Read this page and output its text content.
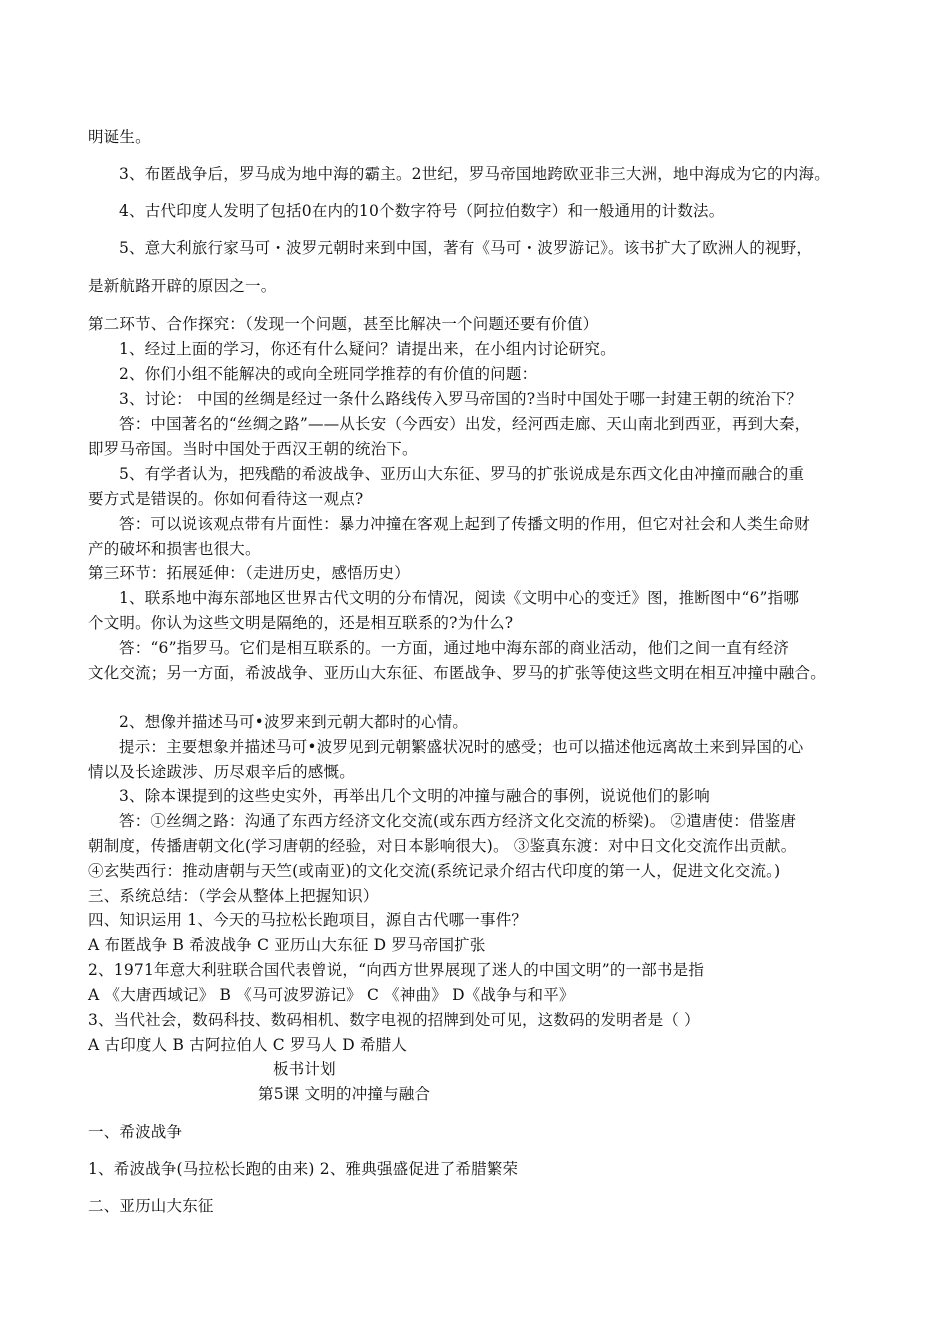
明诞生。
3、布匿战争后，罗马成为地中海的霸主。2世纪，罗马帝国地跨欧亚非三大洲，地中海成为它的内海。
4、古代印度人发明了包括0在内的10个数字符号（阿拉伯数字）和一般通用的计数法。
5、意大利旅行家马可・波罗元朝时来到中国，著有《马可・波罗游记》。该书扩大了欧洲人的视野，
是新航路开辟的原因之一。
第二环节、合作探究：（发现一个问题，甚至比解决一个问题还要有价值）
1、经过上面的学习，你还有什么疑问？请提出来，在小组内讨论研究。
2、你们小组不能解决的或向全班同学推荐的有价值的问题：
3、讨论： 中国的丝绸是经过一条什么路线传入罗马帝国的?当时中国处于哪一封建王朝的统治下？
答：中国著名的“丝绸之路”——从长安（今西安）出发，经河西走廊、天山南北到西亚，再到大秦，
即罗马帝国。当时中国处于西汉王朝的统治下。
5、有学者认为，把残酷的希波战争、亚历山大东征、罗马的扩张说成是东西文化由冲撞而融合的重
要方式是错误的。你如何看待这一观点?
答：可以说该观点带有片面性：暴力冲撞在客观上起到了传播文明的作用，但它对社会和人类生命财
产的破坏和损害也很大。
第三环节：拓展延伸：（走进历史，感悟历史）
1、联系地中海东部地区世界古代文明的分布情况，阅读《文明中心的变迁》图，推断图中“6”指哪
个文明。你认为这些文明是隔绝的，还是相互联系的?为什么?
答：“6”指罗马。它们是相互联系的。一方面，通过地中海东部的商业活动，他们之间一直有经济
文化交流；另一方面，希波战争、亚历山大东征、布匿战争、罗马的扩张等使这些文明在相互冲撞中融合。
2、想像并描述马可•波罗来到元朝大都时的心情。
提示：主要想象并描述马可•波罗见到元朝繁盛状况时的感受；也可以描述他远离故土来到异国的心
情以及长途跋涉、历尽艰辛后的感慨。
3、除本课提到的这些史实外，再举出几个文明的冲撞与融合的事例，说说他们的影响
答：①丝绸之路：沟通了东西方经济文化交流(或东西方经济文化交流的桥梁)。 ②遣唐使：借鉴唐
朝制度，传播唐朝文化(学习唐朝的经验，对日本影响很大)。 ③鉴真东渡：对中日文化交流作出贡献。
④玄奘西行：推动唐朝与天竺(或南亚)的文化交流(系统记录介绍古代印度的第一人，促进文化交流。)
三、系统总结：（学会从整体上把握知识）
四、知识运用 1、今天的马拉松长跑项目，源自古代哪一事件？
A 布匿战争 B 希波战争 C 亚历山大东征 D 罗马帝国扩张
2、1971年意大利驻联合国代表曾说，“向西方世界展现了迷人的中国文明”的一部书是指
A 《大唐西域记》 B 《马可波罗游记》 C 《神曲》 D《战争与和平》
3、当代社会，数码科技、数码相机、数字电视的招牌到处可见，这数码的发明者是（ ）
A 古印度人 B 古阿拉伯人 C 罗马人 D 希腊人
板书计划
第5课 文明的冲撞与融合
一、希波战争
1、希波战争(马拉松长跑的由来) 2、雅典强盛促进了希腊繁荣
二、亚历山大东征
